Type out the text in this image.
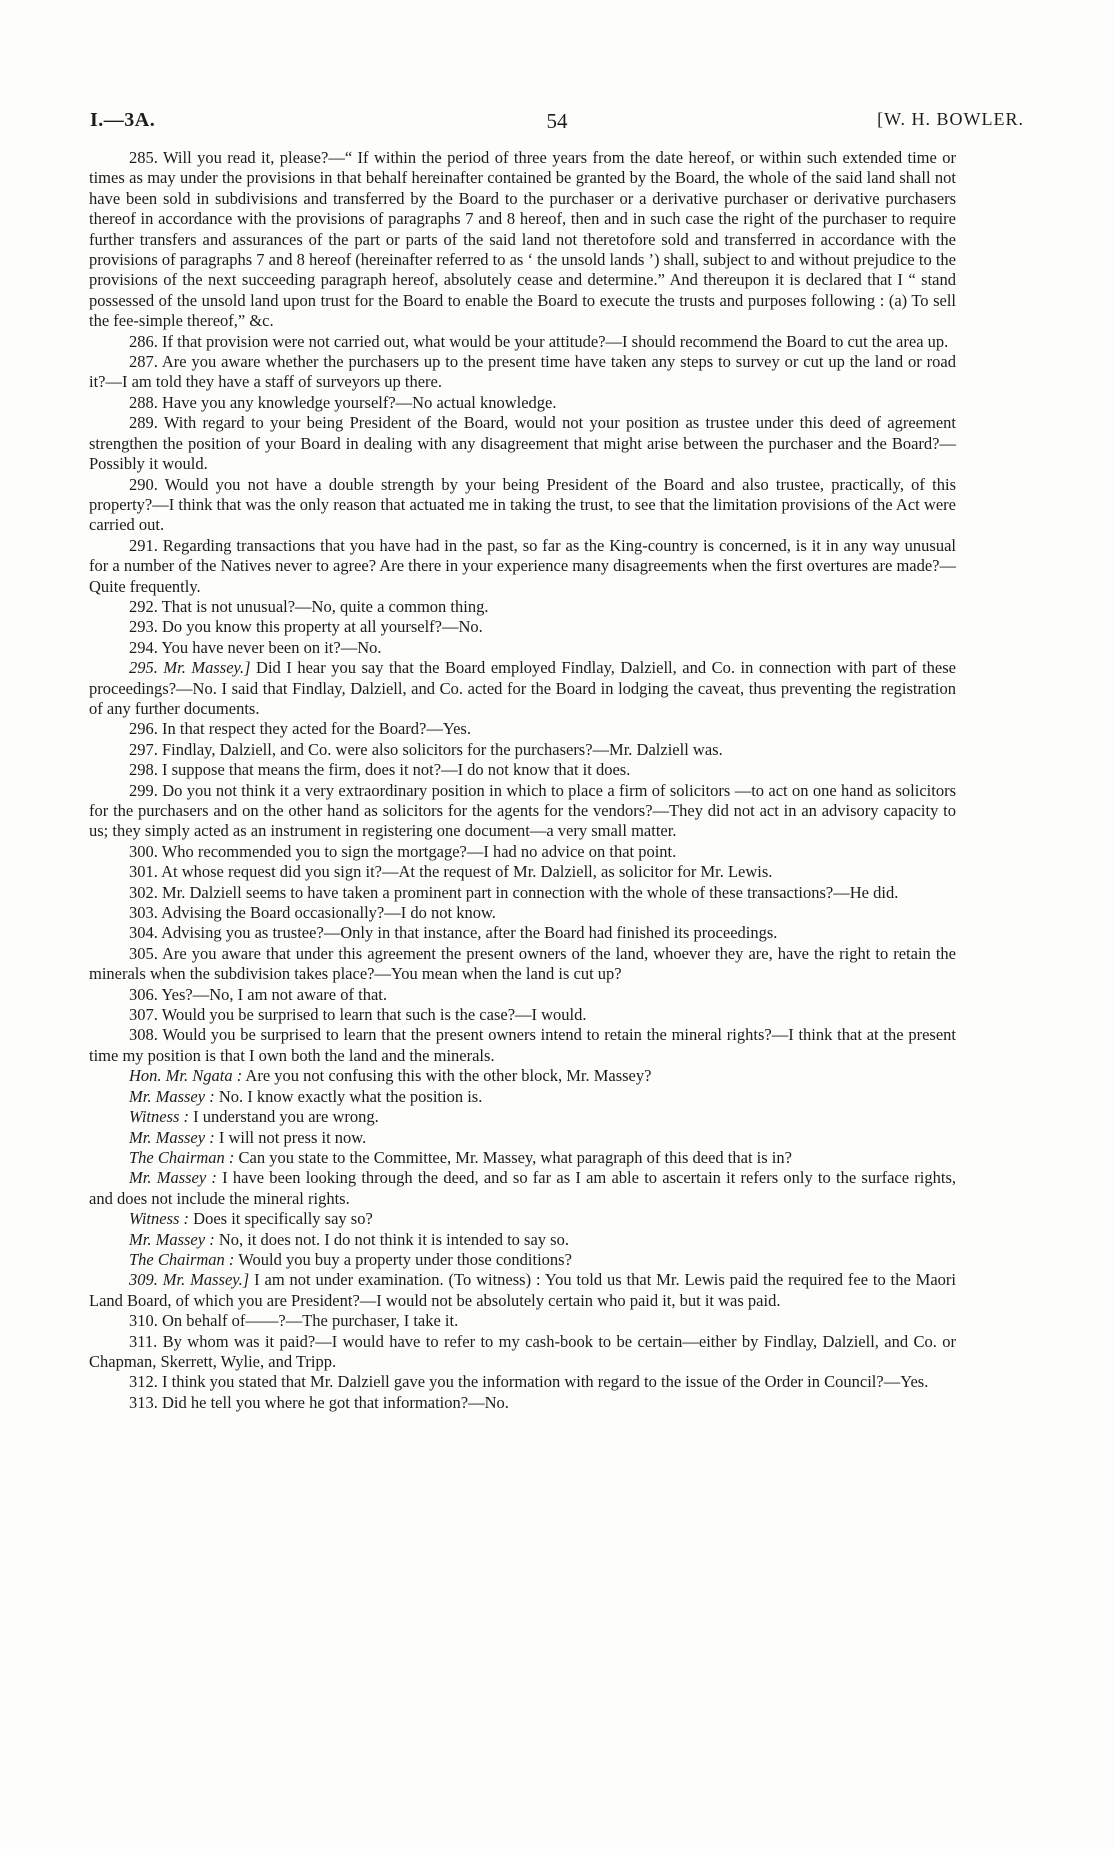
I.—3A.	54	[W. H. BOWLER.

285. Will you read it, please?—“ If within the period of three years from the date hereof, or within such extended time or times as may under the provisions in that behalf hereinafter contained be granted by the Board, the whole of the said land shall not have been sold in subdivisions and transferred by the Board to the purchaser or a derivative purchaser or derivative purchasers thereof in accordance with the provisions of paragraphs 7 and 8 hereof, then and in such case the right of the purchaser to require further transfers and assurances of the part or parts of the said land not theretofore sold and transferred in accordance with the provisions of paragraphs 7 and 8 hereof (hereinafter referred to as ‘ the unsold lands ’) shall, subject to and without prejudice to the provisions of the next succeeding paragraph hereof, absolutely cease and determine.” And thereupon it is declared that I “ stand possessed of the unsold land upon trust for the Board to enable the Board to execute the trusts and purposes following : (a) To sell the fee-simple thereof,” &c.

286. If that provision were not carried out, what would be your attitude?—I should recommend the Board to cut the area up.

287. Are you aware whether the purchasers up to the present time have taken any steps to survey or cut up the land or road it?—I am told they have a staff of surveyors up there.

288. Have you any knowledge yourself?—No actual knowledge.

289. With regard to your being President of the Board, would not your position as trustee under this deed of agreement strengthen the position of your Board in dealing with any disagreement that might arise between the purchaser and the Board?—Possibly it would.

290. Would you not have a double strength by your being President of the Board and also trustee, practically, of this property?—I think that was the only reason that actuated me in taking the trust, to see that the limitation provisions of the Act were carried out.

291. Regarding transactions that you have had in the past, so far as the King-country is concerned, is it in any way unusual for a number of the Natives never to agree? Are there in your experience many disagreements when the first overtures are made?—Quite frequently.

292. That is not unusual?—No, quite a common thing.

293. Do you know this property at all yourself?—No.

294. You have never been on it?—No.

295. Mr. Massey.] Did I hear you say that the Board employed Findlay, Dalziell, and Co. in connection with part of these proceedings?—No. I said that Findlay, Dalziell, and Co. acted for the Board in lodging the caveat, thus preventing the registration of any further documents.

296. In that respect they acted for the Board?—Yes.

297. Findlay, Dalziell, and Co. were also solicitors for the purchasers?—Mr. Dalziell was.

298. I suppose that means the firm, does it not?—I do not know that it does.

299. Do you not think it a very extraordinary position in which to place a firm of solicitors —to act on one hand as solicitors for the purchasers and on the other hand as solicitors for the agents for the vendors?—They did not act in an advisory capacity to us; they simply acted as an instrument in registering one document—a very small matter.

300. Who recommended you to sign the mortgage?—I had no advice on that point.

301. At whose request did you sign it?—At the request of Mr. Dalziell, as solicitor for Mr. Lewis.

302. Mr. Dalziell seems to have taken a prominent part in connection with the whole of these transactions?—He did.

303. Advising the Board occasionally?—I do not know.

304. Advising you as trustee?—Only in that instance, after the Board had finished its proceedings.

305. Are you aware that under this agreement the present owners of the land, whoever they are, have the right to retain the minerals when the subdivision takes place?—You mean when the land is cut up?

306. Yes?—No, I am not aware of that.

307. Would you be surprised to learn that such is the case?—I would.

308. Would you be surprised to learn that the present owners intend to retain the mineral rights?—I think that at the present time my position is that I own both the land and the minerals.

Hon. Mr. Ngata : Are you not confusing this with the other block, Mr. Massey?

Mr. Massey : No. I know exactly what the position is.

Witness : I understand you are wrong.

Mr. Massey : I will not press it now.

The Chairman : Can you state to the Committee, Mr. Massey, what paragraph of this deed that is in?

Mr. Massey : I have been looking through the deed, and so far as I am able to ascertain it refers only to the surface rights, and does not include the mineral rights.

Witness : Does it specifically say so?

Mr. Massey : No, it does not. I do not think it is intended to say so.

The Chairman : Would you buy a property under those conditions?

309. Mr. Massey.] I am not under examination. (To witness) : You told us that Mr. Lewis paid the required fee to the Maori Land Board, of which you are President?—I would not be absolutely certain who paid it, but it was paid.

310. On behalf of——?—The purchaser, I take it.

311. By whom was it paid?—I would have to refer to my cash-book to be certain—either by Findlay, Dalziell, and Co. or Chapman, Skerrett, Wylie, and Tripp.

312. I think you stated that Mr. Dalziell gave you the information with regard to the issue of the Order in Council?—Yes.

313. Did he tell you where he got that information?—No.
